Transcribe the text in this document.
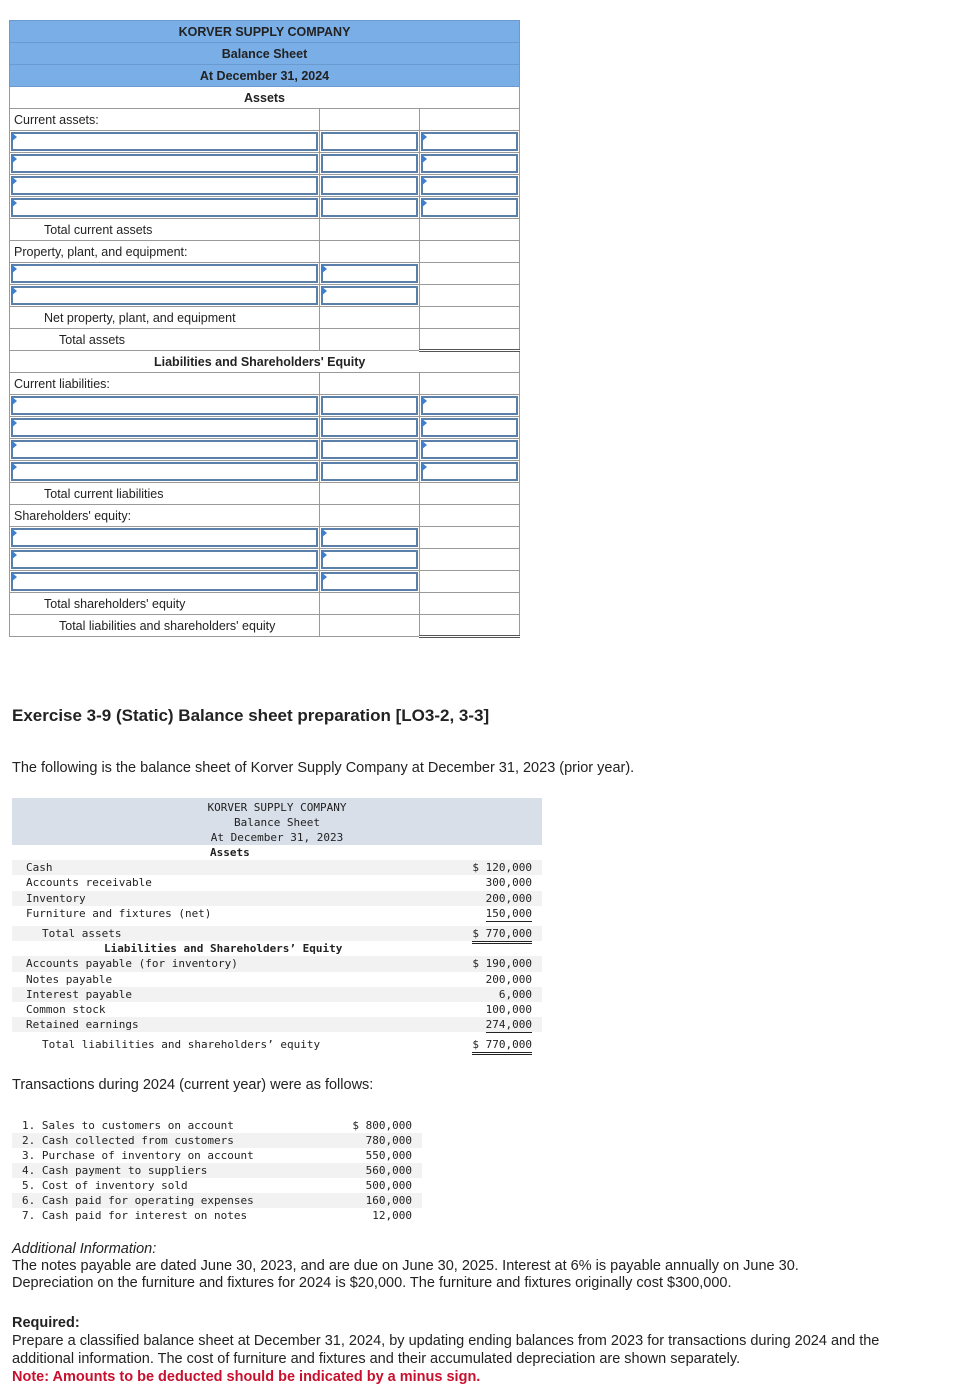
KORVER SUPPLY COMPANY		
Balance Sheet		
At December 31, 2024		
Assets		
Current assets:		

Total current assets		
Property, plant, and equipment:		

Net property, plant, and equipment		
Total assets		
Liabilities and Shareholders' Equity		
Current liabilities:		

Total current liabilities		
Shareholders' equity:		

Total shareholders' equity		
Total liabilities and shareholders' equity		
Exercise 3-9 (Static) Balance sheet preparation [LO3-2, 3-3]

The following is the balance sheet of Korver Supply Company at December 31, 2023 (prior year).

KORVER SUPPLY COMPANY
Balance Sheet
At December 31, 2023
Assets
Cash	$ 120,000
Accounts receivable	300,000
Inventory	200,000
Furniture and fixtures (net)	150,000
Total assets	$ 770,000
Liabilities and Shareholders’ Equity
Accounts payable (for inventory)	$ 190,000
Notes payable	200,000
Interest payable	6,000
Common stock	100,000
Retained earnings	274,000
Total liabilities and shareholders’ equity	$ 770,000

Transactions during 2024 (current year) were as follows:

1. Sales to customers on account	$ 800,000
2. Cash collected from customers	780,000
3. Purchase of inventory on account	550,000
4. Cash payment to suppliers	560,000
5. Cost of inventory sold	500,000
6. Cash paid for operating expenses	160,000
7. Cash paid for interest on notes	12,000

Additional Information:
The notes payable are dated June 30, 2023, and are due on June 30, 2025. Interest at 6% is payable annually on June 30.
Depreciation on the furniture and fixtures for 2024 is $20,000. The furniture and fixtures originally cost $300,000.

Required:
Prepare a classified balance sheet at December 31, 2024, by updating ending balances from 2023 for transactions during 2024 and the additional information. The cost of furniture and fixtures and their accumulated depreciation are shown separately.
Note: Amounts to be deducted should be indicated by a minus sign.
